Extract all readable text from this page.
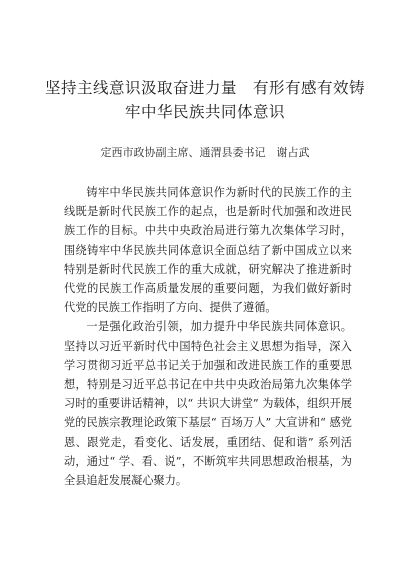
坚持主线意识汲取奋进力量　有形有感有效铸
牢中华民族共同体意识

定西市政协副主席、通渭县委书记　谢占武

铸牢中华民族共同体意识作为新时代的民族工作的主线既是新时代民族工作的起点，也是新时代加强和改进民族工作的目标。中共中央政治局进行第九次集体学习时，围绕铸牢中华民族共同体意识全面总结了新中国成立以来特别是新时代民族工作的重大成就，研究解决了推进新时代党的民族工作高质量发展的重要问题，为我们做好新时代党的民族工作指明了方向、提供了遵循。

一是强化政治引领，加力提升中华民族共同体意识。坚持以习近平新时代中国特色社会主义思想为指导，深入学习贯彻习近平总书记关于加强和改进民族工作的重要思想，特别是习近平总书记在中共中央政治局第九次集体学习时的重要讲话精神，以“ 共识大讲堂” 为载体，组织开展党的民族宗教理论政策下基层“ 百场万人” 大宣讲和“ 感党恩、跟党走，看变化、话发展，重团结、促和谐” 系列活动，通过“ 学、看、说”，不断筑牢共同思想政治根基，为全县追赶发展凝心聚力。
